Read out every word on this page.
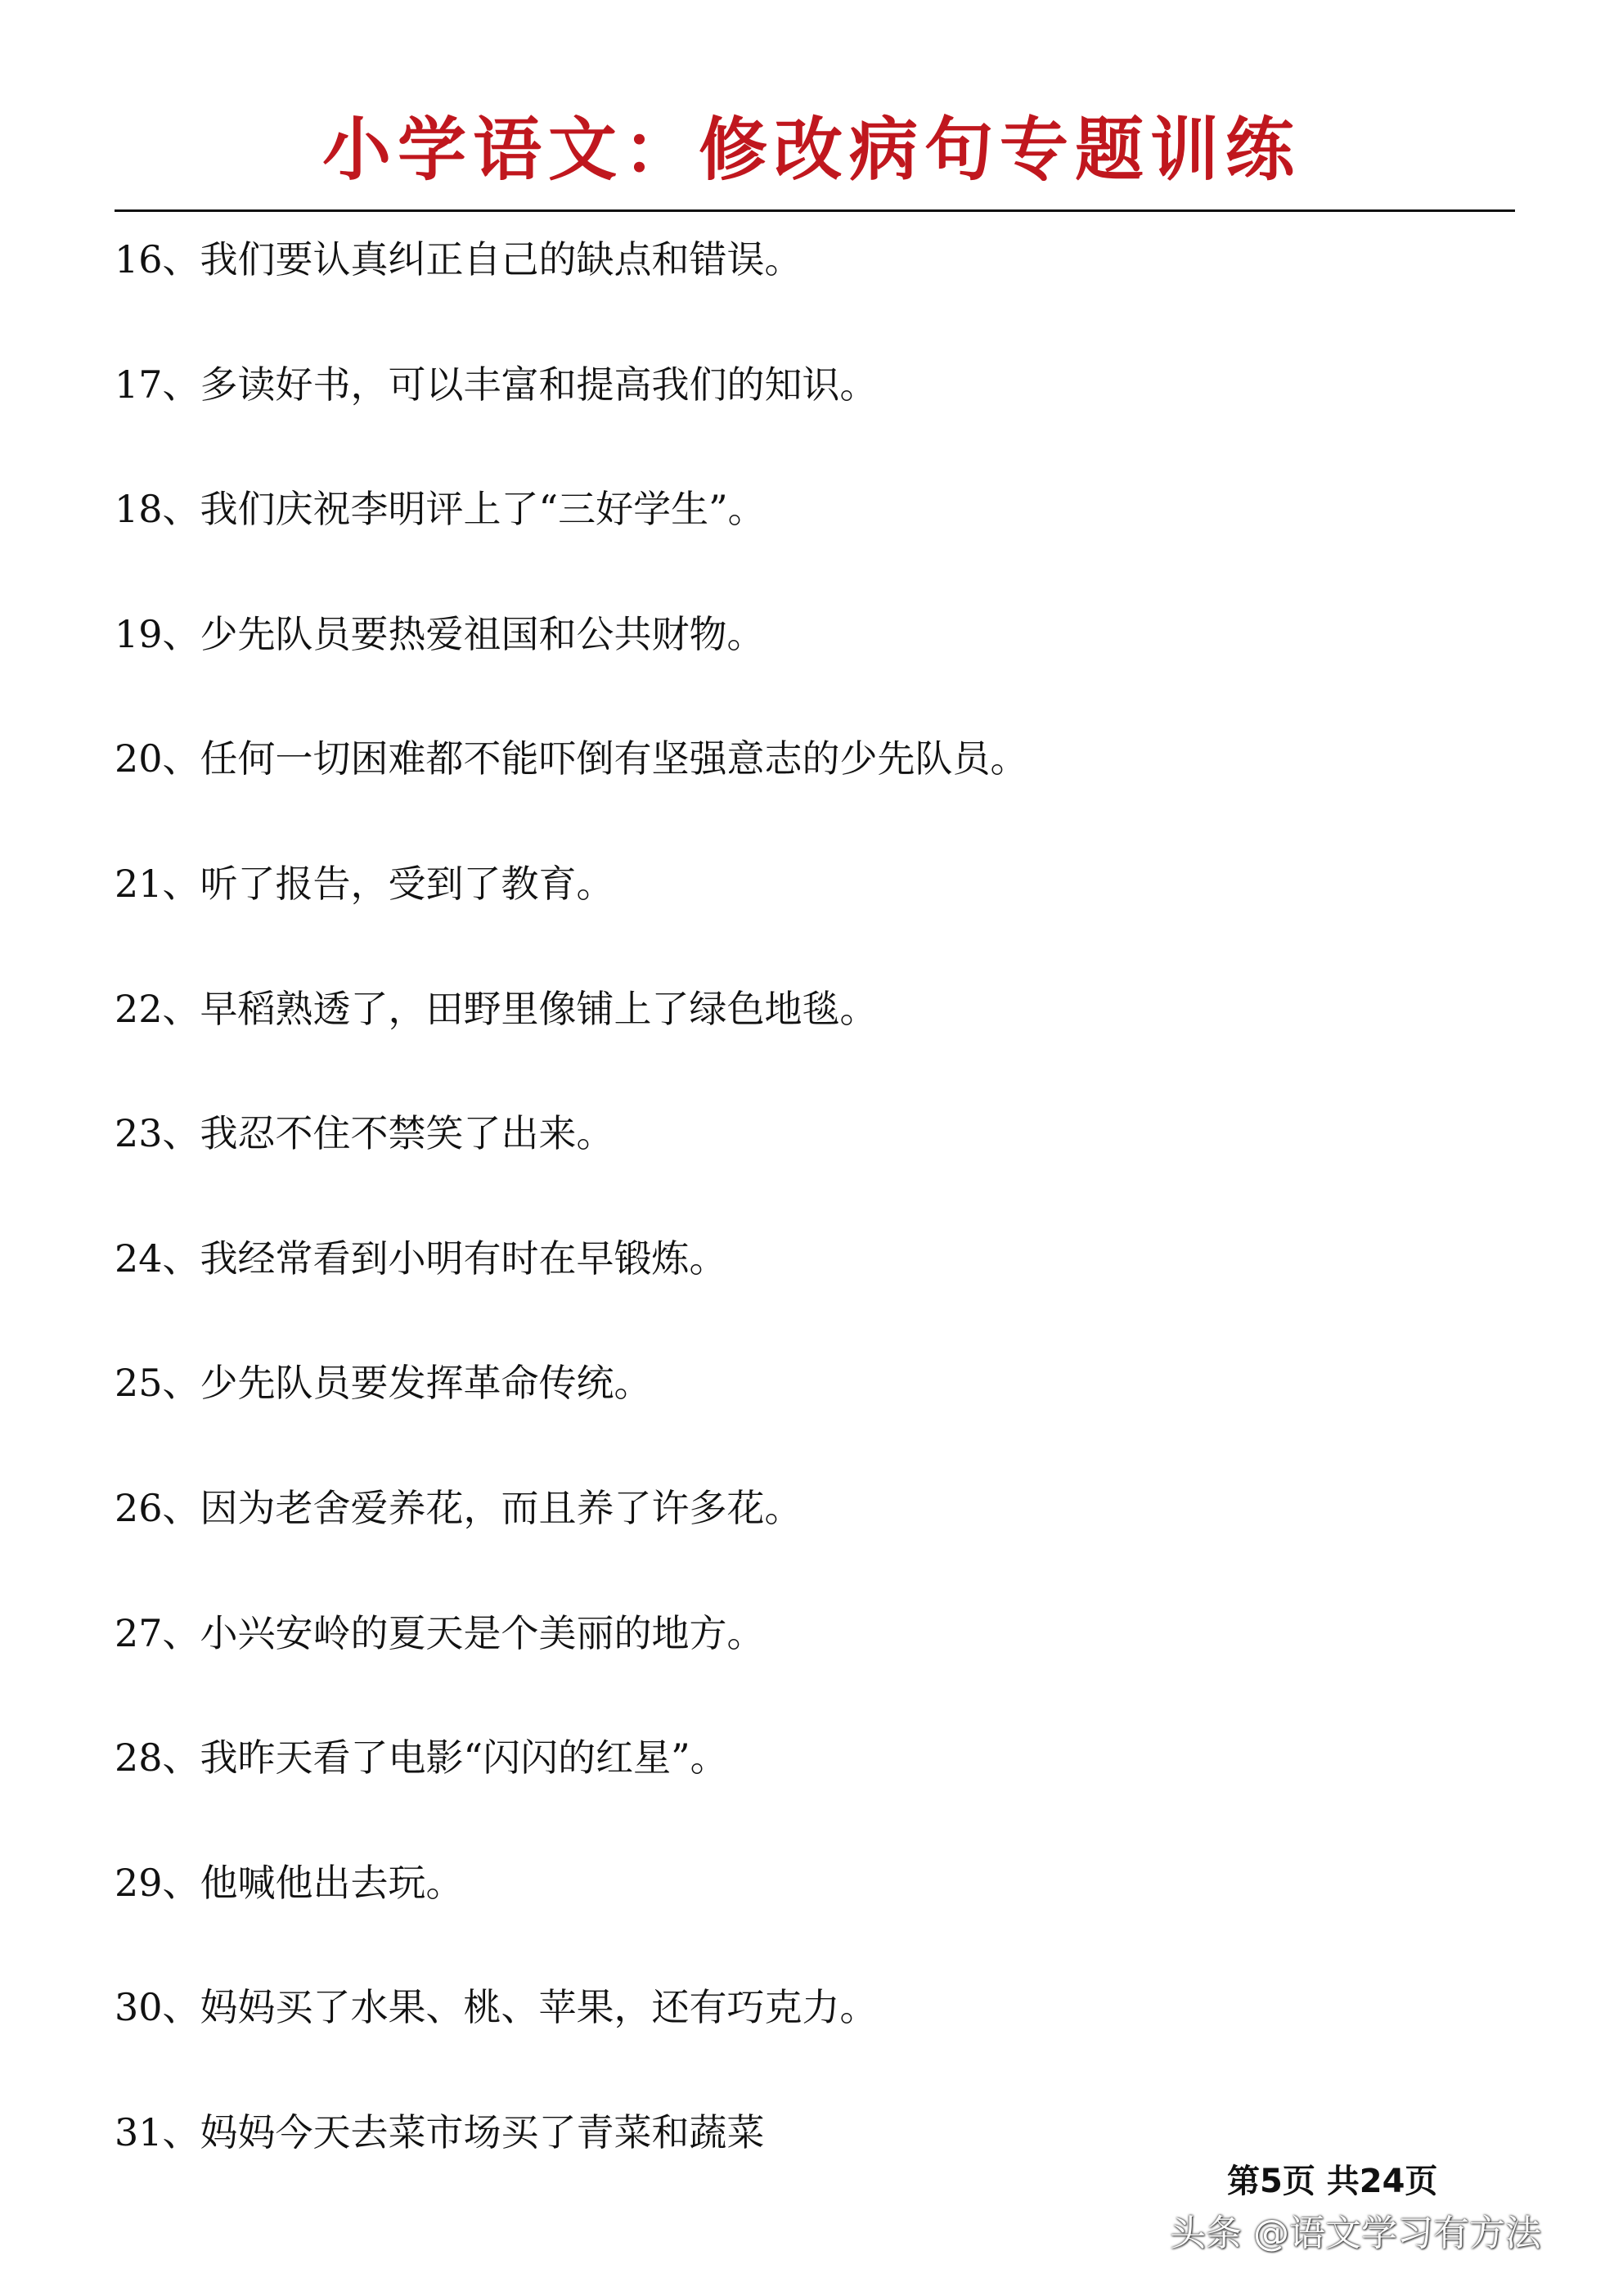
小学语文：修改病句专题训练
16、 我们要认真纠正自己的缺点和错误。
17、 多读好书，可以丰富和提高我们的知识。
18、 我们庆祝李明评上了“三好学生”。
19、 少先队员要热爱祖国和公共财物。
20、 任何一切困难都不能吓倒有坚强意志的少先队员。
21、 听了报告，受到了教育。
22、 早稻熟透了，田野里像铺上了绿色地毯。
23、 我忍不住不禁笑了出来。
24、 我经常看到小明有时在早锻炼。
25、 少先队员要发挥革命传统。
26、 因为老舍爱养花，而且养了许多花。
27、 小兴安岭的夏天是个美丽的地方。
28、 我昨天看了电影“闪闪的红星”。
29、 他喊他出去玩。
30、 妈妈买了水果、桃、苹果，还有巧克力。
31、 妈妈今天去菜市场买了青菜和蔬菜
第5页 共24页
头条 @语文学习有方法
